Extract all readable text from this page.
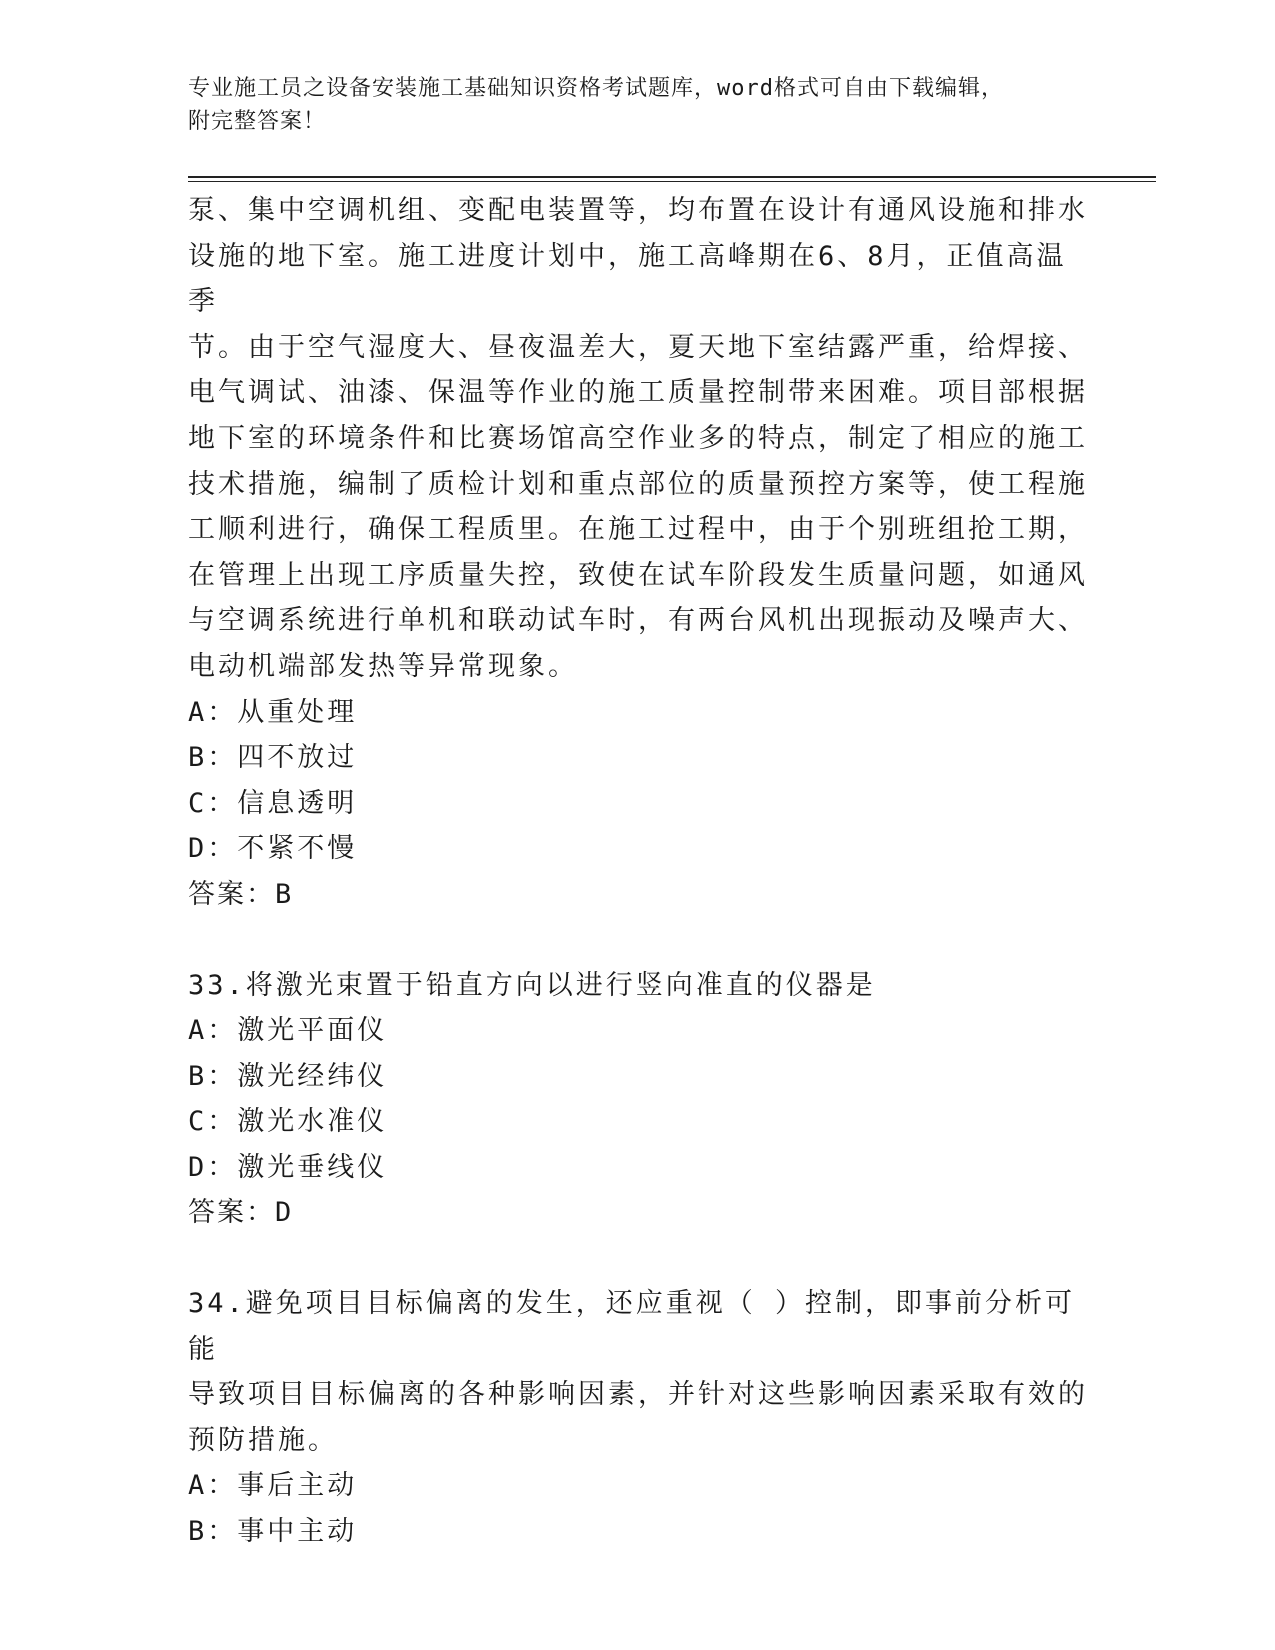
专业施工员之设备安装施工基础知识资格考试题库，word格式可自由下载编辑，
附完整答案！

泵、集中空调机组、变配电装置等，均布置在设计有通风设施和排水

设施的地下室。施工进度计划中，施工高峰期在6、8月，正值高温季

节。由于空气湿度大、昼夜温差大，夏天地下室结露严重，给焊接、

电气调试、油漆、保温等作业的施工质量控制带来困难。项目部根据

地下室的环境条件和比赛场馆高空作业多的特点，制定了相应的施工

技术措施，编制了质检计划和重点部位的质量预控方案等，使工程施

工顺利进行，确保工程质里。在施工过程中，由于个别班组抢工期，

在管理上出现工序质量失控，致使在试车阶段发生质量问题，如通风

与空调系统进行单机和联动试车时，有两台风机出现振动及噪声大、

电动机端部发热等异常现象。

A：从重处理

B：四不放过

C：信息透明

D：不紧不慢

答案：B

33.将激光束置于铅直方向以进行竖向准直的仪器是

A：激光平面仪

B：激光经纬仪

C：激光水准仪

D：激光垂线仪

答案：D

34.避免项目目标偏离的发生，还应重视（ ）控制，即事前分析可能

导致项目目标偏离的各种影响因素，并针对这些影响因素采取有效的

预防措施。

A：事后主动

B：事中主动
